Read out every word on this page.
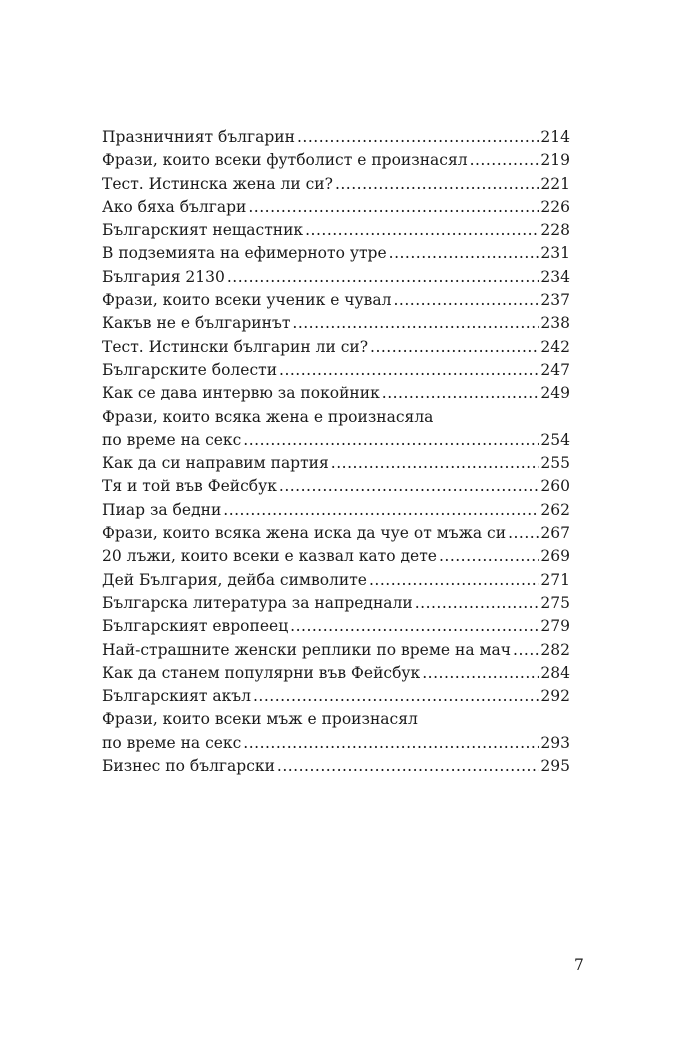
Празничният българин .....	214
Фрази, които всеки футболист е произнасял .....	219
Тест. Истинска жена ли си? .....	221
Ако бяха българи .....	226
Българският нещастник .....	228
В подземията на ефимерното утре .....	231
България 2130 .....	234
Фрази, които всеки ученик е чувал .....	237
Какъв не е българинът .....	238
Тест. Истински българин ли си? .....	242
Българските болести .....	247
Как се дава интервю за покойник .....	249
Фрази, които всяка жена е произнасяла
по време на секс .....	254
Как да си направим партия .....	255
Тя и той във Фейсбук .....	260
Пиар за бедни .....	262
Фрази, които всяка жена иска да чуе от мъжа си ..... 267
20 лъжи, които всеки е казвал като дете .....	269
Дей България, дейба символите .....	271
Българска литература за напреднали .....	275
Българският европеец .....	279
Най-страшните женски реплики по време на мач ..... 282
Как да станем популярни във Фейсбук .....	284
Българският акъл .....	292
Фрази, които всеки мъж е произнасял
по време на секс .....	293
Бизнес по български .....	295
7
